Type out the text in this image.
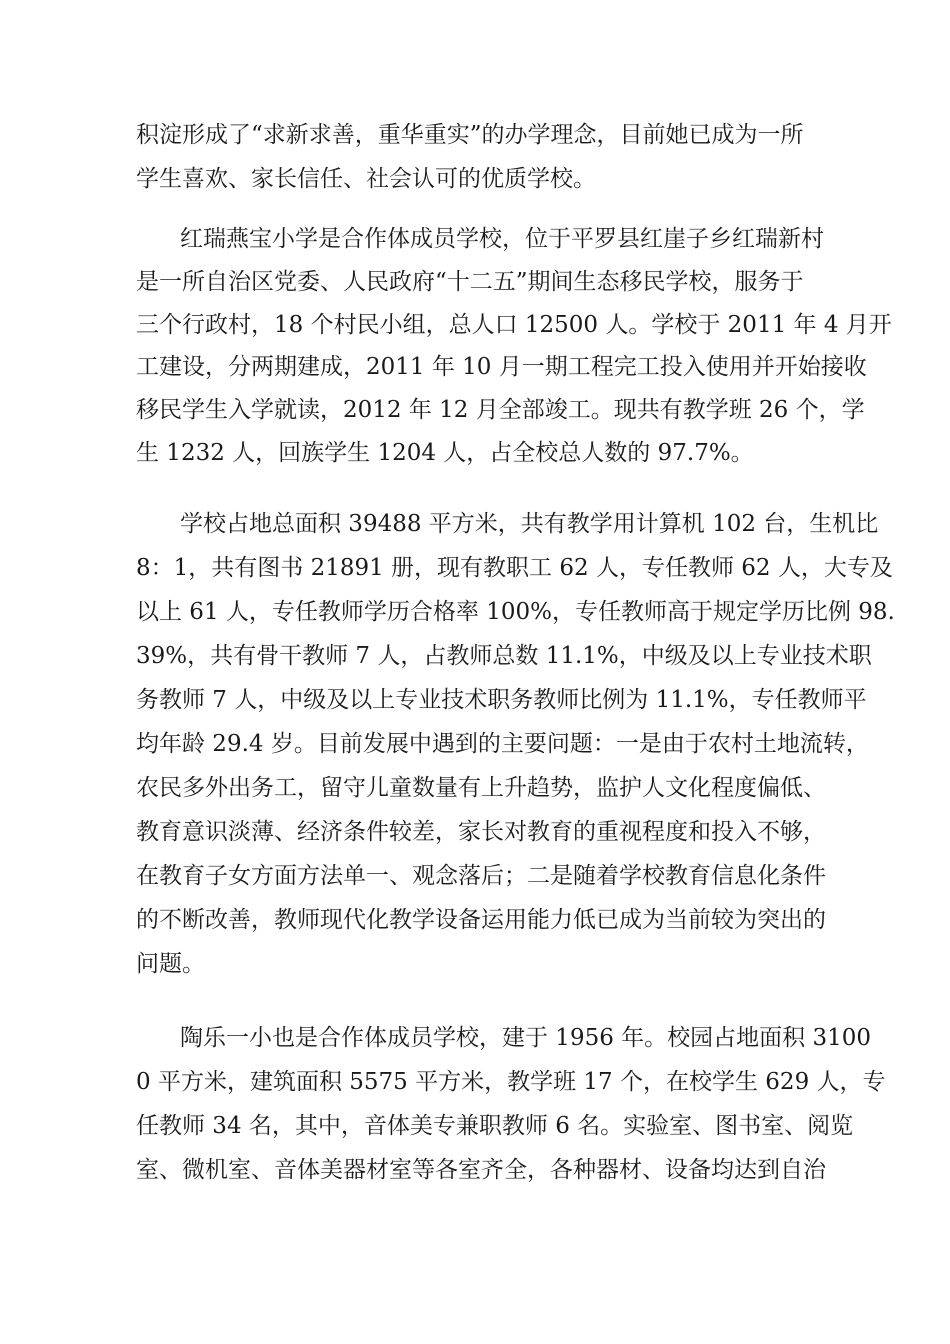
积淀形成了“求新求善，重华重实”的办学理念，目前她已成为一所

学生喜欢、家长信任、社会认可的优质学校。

红瑞燕宝小学是合作体成员学校，位于平罗县红崖子乡红瑞新村

是一所自治区党委、人民政府“十二五”期间生态移民学校，服务于

三个行政村，18 个村民小组，总人口 12500 人。学校于 2011 年 4 月开

工建设，分两期建成，2011 年 10 月一期工程完工投入使用并开始接收

移民学生入学就读，2012 年 12 月全部竣工。现共有教学班 26 个，学

生 1232 人，回族学生 1204 人，占全校总人数的 97.7%。

学校占地总面积 39488 平方米，共有教学用计算机 102 台，生机比

8：1，共有图书 21891 册，现有教职工 62 人，专任教师 62 人，大专及

以上 61 人，专任教师学历合格率 100%，专任教师高于规定学历比例 98.

39%，共有骨干教师 7 人，占教师总数 11.1%，中级及以上专业技术职

务教师 7 人，中级及以上专业技术职务教师比例为 11.1%，专任教师平

均年龄 29.4 岁。目前发展中遇到的主要问题：一是由于农村土地流转，

农民多外出务工，留守儿童数量有上升趋势，监护人文化程度偏低、

教育意识淡薄、经济条件较差，家长对教育的重视程度和投入不够，

在教育子女方面方法单一、观念落后；二是随着学校教育信息化条件

的不断改善，教师现代化教学设备运用能力低已成为当前较为突出的

问题。

陶乐一小也是合作体成员学校，建于 1956 年。校园占地面积 3100

0 平方米，建筑面积 5575 平方米，教学班 17 个，在校学生 629 人，专

任教师 34 名，其中，音体美专兼职教师 6 名。实验室、图书室、阅览

室、微机室、音体美器材室等各室齐全，各种器材、设备均达到自治
